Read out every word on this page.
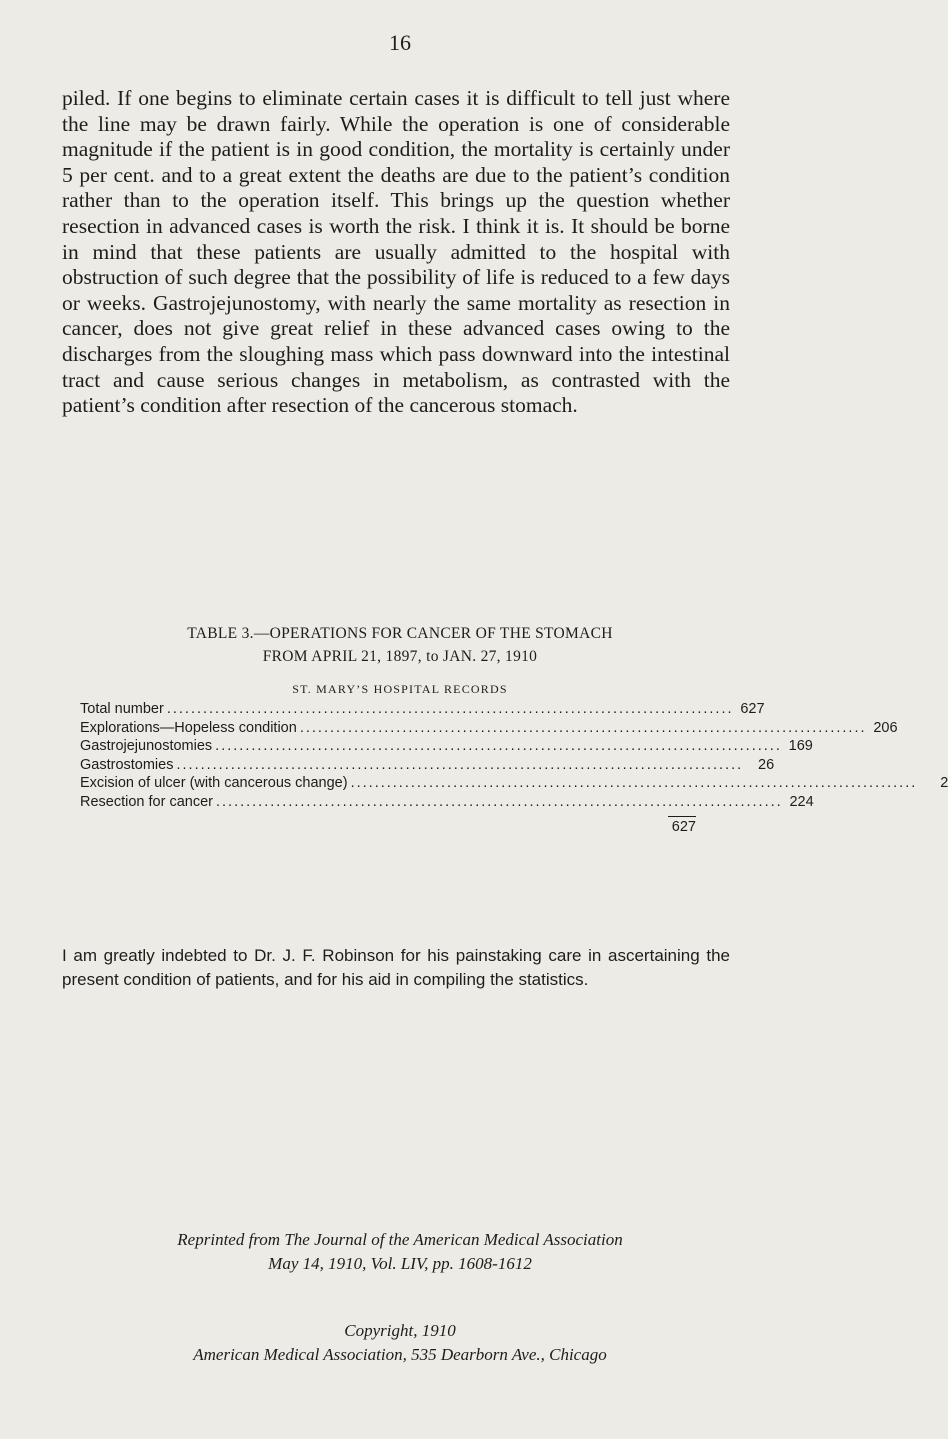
16

piled. If one begins to eliminate certain cases it is difficult to tell just where the line may be drawn fairly. While the operation is one of considerable magnitude if the patient is in good condition, the mortality is certainly under 5 per cent. and to a great extent the deaths are due to the patient’s condition rather than to the operation itself. This brings up the question whether resection in advanced cases is worth the risk. I think it is. It should be borne in mind that these patients are usually admitted to the hospital with obstruction of such degree that the possibility of life is reduced to a few days or weeks. Gastrojejunostomy, with nearly the same mortality as resection in cancer, does not give great relief in these advanced cases owing to the discharges from the sloughing mass which pass downward into the intestinal tract and cause serious changes in metabolism, as contrasted with the patient’s condition after resection of the cancerous stomach.

TABLE 3.—OPERATIONS FOR CANCER OF THE STOMACH
FROM APRIL 21, 1897, to JAN. 27, 1910
ST. MARY’S HOSPITAL RECORDS
Total number .............................................................................................. 627
Explorations—Hopeless condition .............................................................................................. 206
Gastrojejunostomies .............................................................................................. 169
Gastrostomies ..............................................................................................	26
Excision of ulcer (with cancerous change) ..............................................................................................	2
Resection for cancer .............................................................................................. 224
627

I am greatly indebted to Dr. J. F. Robinson for his painstaking care in ascertaining the present condition of patients, and for his aid in compiling the statistics.

Reprinted from The Journal of the American Medical Association
May 14, 1910, Vol. LIV, pp. 1608-1612
Copyright, 1910
American Medical Association, 535 Dearborn Ave., Chicago
